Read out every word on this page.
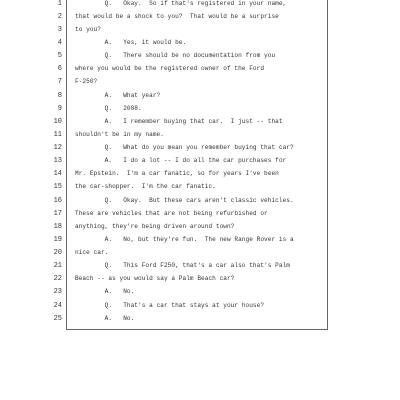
1
2
3
4
5
6
7
8
9
10
11
12
13
14
15
16
17
18
19
20
21
22
23
24
25
Q.   Okay.  So if that's registered in your name,
that would be a shock to you?  That would be a surprise
to you?
A.   Yes, it would be.
Q.   There should be no documentation from you
where you would be the registered owner of the Ford
F-250?
A.   What year?
Q.   2008.
A.   I remember buying that car.  I just -- that
shouldn't be in my name.
Q.   What do you mean you remember buying that car?
A.   I do a lot -- I do all the car purchases for
Mr. Epstein.  I'm a car fanatic, so for years I've been
the car-shopper.  I'm the car fanatic.
Q.   Okay.  But these cars aren't classic vehicles.
These are vehicles that are not being refurbished or
anything, they're being driven around town?
A.   No, but they're fun.  The new Range Rover is a
nice car.
Q.   This Ford F250, that's a car also that's Palm
Beach -- as you would say a Palm Beach car?
A.   No.
Q.   That's a car that stays at your house?
A.   No.
